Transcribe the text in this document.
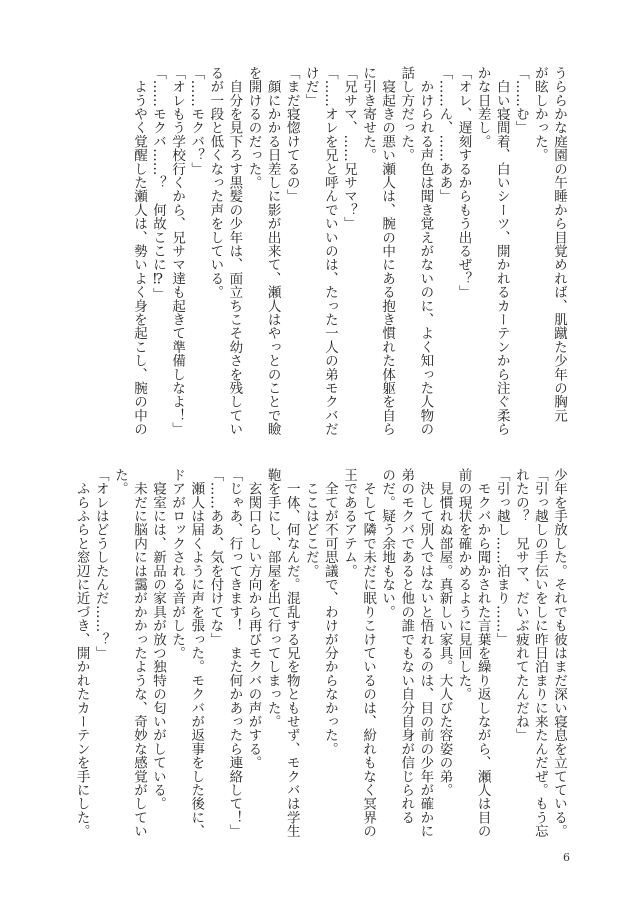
うららかな庭園の午睡から目覚めれば、肌蹴た少年の胸元

が眩しかった。

「……む」

　白い寝間着、白いシーツ、開かれるカーテンから注ぐ柔ら

かな日差し。

「オレ、遅刻するからもう出るぜ？」

「……ん、……ああ」

　かけられる声色は聞き覚えがないのに、よく知った人物の

話し方だった。

　寝起きの悪い瀬人は、腕の中にある抱き慣れた体躯を自ら

に引き寄せた。

「兄サマ、……兄サマ？」

「……オレを兄と呼んでいいのは、たった一人の弟モクバだ

けだ」

「まだ寝惚けてるの」

　顔にかかる日差しに影が出来て、瀬人はやっとのことで瞼

を開けるのだった。

　自分を見下ろす黒髪の少年は、面立ちこそ幼さを残してい

るが一段と低くなった声をしている。

「……モクバ？」

「オレもう学校行くから、兄サマ達も起きて準備しなよ！」

「……モクバ……？　何故ここに⁉」

　ようやく覚醒した瀬人は、勢いよく身を起こし、腕の中の

少年を手放した。それでも彼はまだ深い寝息を立てている。

「引っ越しの手伝いをしに昨日泊まりに来たんだぜ。もう忘

れたの？　兄サマ、だいぶ疲れてたんだね」

「引っ越し……泊まり……」

　モクバから聞かされた言葉を繰り返しながら、瀬人は目の

前の現状を確かめるように見回した。

　見慣れぬ部屋。真新しい家具。大人びた容姿の弟。

　決して別人ではないと悟れるのは、目の前の少年が確かに

弟のモクバであると他の誰でもない自分自身が信じられる

のだ。疑う余地もない。

　そして隣で未だに眠りこけているのは、紛れもなく冥界の

王であるアテム。

　全てが不可思議で、わけが分からなかった。

　ここはどこだ。

　一体、何なんだ。混乱する兄を物ともせず、モクバは学生

鞄を手にし、部屋を出て行ってしまった。

　玄関口らしい方向から再びモクバの声がする。

「じゃあ、行ってきます！　また何かあったら連絡して！」

「……ああ、気を付けてな」

　瀬人は届くように声を張った。モクバが返事をした後に、

ドアがロックされる音がした。

　寝室には、新品の家具が放つ独特の匂いがしている。

　未だに脳内には靄がかかったような、奇妙な感覚がしてい

た。

「オレはどうしたんだ……？」

　ふらふらと窓辺に近づき、開かれたカーテンを手にした。

6
